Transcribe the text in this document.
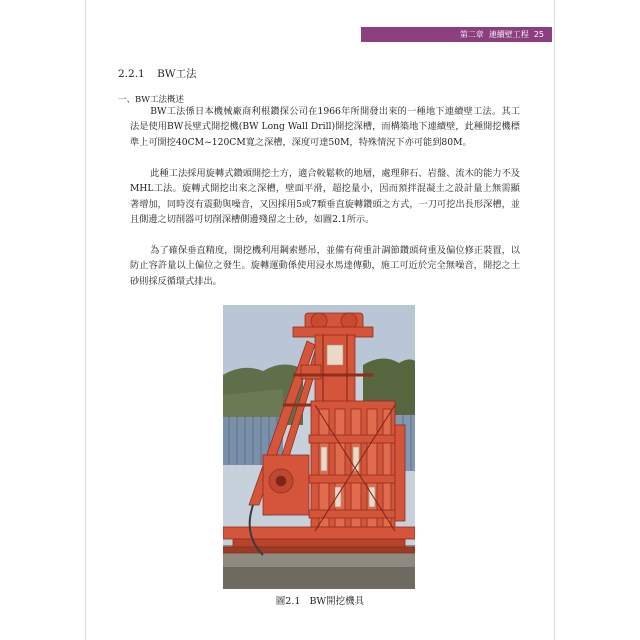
第二章 連續壁工程 25
2.2.1 BW工法
一、BW工法概述

BW工法係日本機械廠商利根鑽探公司在1966年所開發出來的一種地下連續壁工法。其工法是使用BW長壁式開挖機(BW Long Wall Drill)開挖深槽，而構築地下連續壁，此種開挖機標準上可開挖40CM~120CM寬之深槽，深度可達50M，特殊情況下亦可能到80M。

此種工法採用旋轉式鑽頭開挖土方，適合較鬆軟的地層，處理卵石、岩盤、流木的能力不及MHL工法。旋轉式開挖出來之深槽，壁面平滑，超挖量小，因而預拌混凝土之設計量上無需顯著增加，同時沒有震動與噪音，又因採用5或7顆垂直旋轉鑽頭之方式，一刀可挖出長形深槽，並且側邊之切削器可切削深槽側邊殘留之土砂，如圖2.1所示。

為了確保垂直精度，開挖機利用鋼索懸吊，並備有荷重計調節鑽頭荷重及偏位修正裝置，以防止容許量以上偏位之發生。旋轉運動係使用浸水馬達傳動，施工可近於完全無噪音，開挖之土砂則採反循環式排出。

圖2.1 BW開挖機具
